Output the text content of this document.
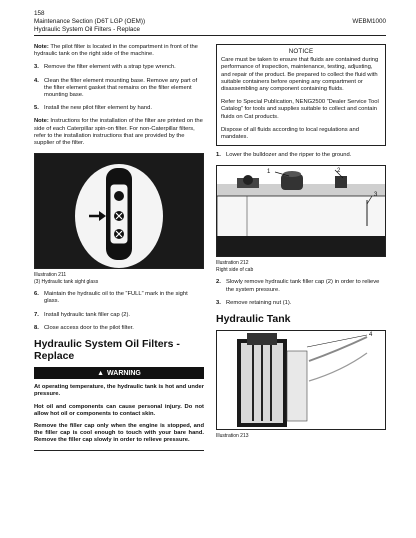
158
Maintenance Section (D6T LGP (OEM))
Hydraulic System Oil Filters - Replace
WEBM1000

Note: The pilot filter is located in the compartment in front of the hydraulic tank on the right side of the machine.

3. Remove the filter element with a strap type wrench.
4. Clean the filter element mounting base. Remove any part of the filter element gasket that remains on the filter element mounting base.
5. Install the new pilot filter element by hand.

Note: Instructions for the installation of the filter are printed on the side of each Caterpillar spin-on filter. For non-Caterpillar filters, refer to the installation instructions that are provided by the supplier of the filter.

Illustration 211
(3) Hydraulic tank sight glass
6. Maintain the hydraulic oil to the “FULL” mark in the sight glass.
7. Install hydraulic tank filler cap (2).
8. Close access door to the pilot filter.
Hydraulic System Oil Filters - Replace
▲ WARNING

At operating temperature, the hydraulic tank is hot and under pressure.

Hot oil and components can cause personal injury. Do not allow hot oil or components to contact skin.

Remove the filler cap only when the engine is stopped, and the filler cap is cool enough to touch with your bare hand. Remove the filler cap slowly in order to relieve pressure.

NOTICE

Care must be taken to ensure that fluids are contained during performance of inspection, maintenance, testing, adjusting, and repair of the product. Be prepared to collect the fluid with suitable containers before opening any compartment or disassembling any component containing fluids.

Refer to Special Publication, NENG2500 “Dealer Service Tool Catalog” for tools and supplies suitable to collect and contain fluids on Cat products.

Dispose of all fluids according to local regulations and mandates.

1. Lower the bulldozer and the ripper to the ground.
1	2
3
Illustration 212
Right side of cab
2. Slowly remove hydraulic tank filler cap (2) in order to relieve the system pressure.
3. Remove retaining nut (1).
Hydraulic Tank
4
Illustration 213
